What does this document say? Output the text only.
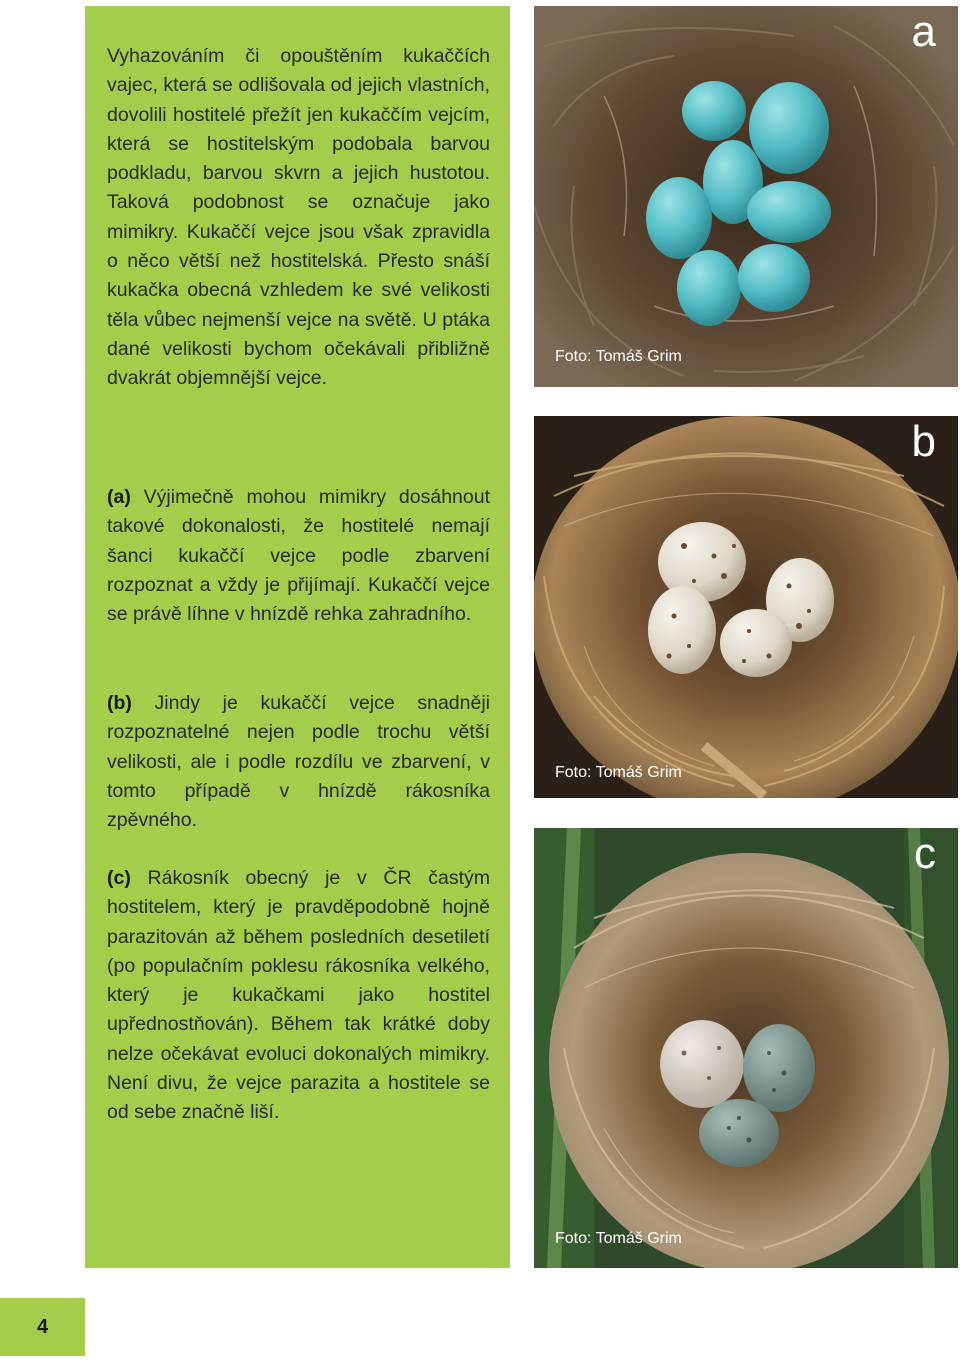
Vyhazováním či opouštěním kukaččích vajec, která se odlišovala od jejich vlastních, dovolili hostitelé přežít jen kukaččím vejcím, která se hostitelským podobala barvou podkladu, barvou skvrn a jejich hustotou. Taková podobnost se označuje jako mimikry. Kukaččí vejce jsou však zpravidla o něco větší než hostitelská. Přesto snáší kukačka obecná vzhledem ke své velikosti těla vůbec nejmenší vejce na světě. U ptáka dané velikosti bychom očekávali přibližně dvakrát objemnější vejce.

(a) Výjimečně mohou mimikry dosáhnout takové dokonalosti, že hostitelé nemají šanci kukaččí vejce podle zbarvení rozpoznat a vždy je přijímají. Kukaččí vejce se právě líhne v hnízdě rehka zahradního.

(b) Jindy je kukaččí vejce snadněji rozpoznatelné nejen podle trochu větší velikosti, ale i podle rozdílu ve zbarvení, v tomto případě v hnízdě rákosníka zpěvného.

(c) Rákosník obecný je v ČR častým hostitelem, který je pravděpodobně hojně parazitován až během posledních desetiletí (po populačním poklesu rákosníka velkého, který je kukačkami jako hostitel upřednostňován). Během tak krátké doby nelze očekávat evoluci dokonalých mimikry. Není divu, že vejce parazita a hostitele se od sebe značně liší.

a
Foto: Tomáš Grim
b
Foto: Tomáš Grim
c
Foto: Tomáš Grim
4
